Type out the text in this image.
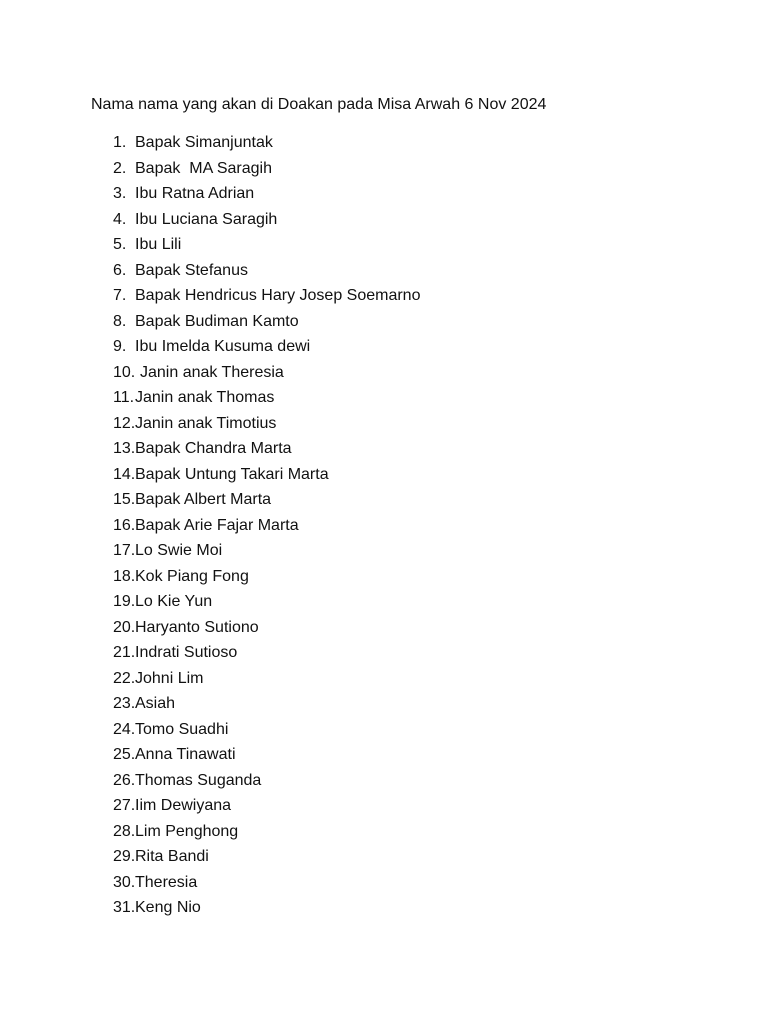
Nama nama yang akan di Doakan pada Misa Arwah 6 Nov 2024
1. Bapak Simanjuntak
2. Bapak  MA Saragih
3. Ibu Ratna Adrian
4. Ibu Luciana Saragih
5. Ibu Lili
6. Bapak Stefanus
7. Bapak Hendricus Hary Josep Soemarno
8. Bapak Budiman Kamto
9. Ibu Imelda Kusuma dewi
10. Janin anak Theresia
11. Janin anak Thomas
12. Janin anak Timotius
13. Bapak Chandra Marta
14. Bapak Untung Takari Marta
15. Bapak Albert Marta
16. Bapak Arie Fajar Marta
17. Lo Swie Moi
18. Kok Piang Fong
19. Lo Kie Yun
20. Haryanto Sutiono
21. Indrati Sutioso
22. Johni Lim
23. Asiah
24. Tomo Suadhi
25. Anna Tinawati
26. Thomas Suganda
27. Iim Dewiyana
28. Lim Penghong
29. Rita Bandi
30. Theresia
31. Keng Nio
